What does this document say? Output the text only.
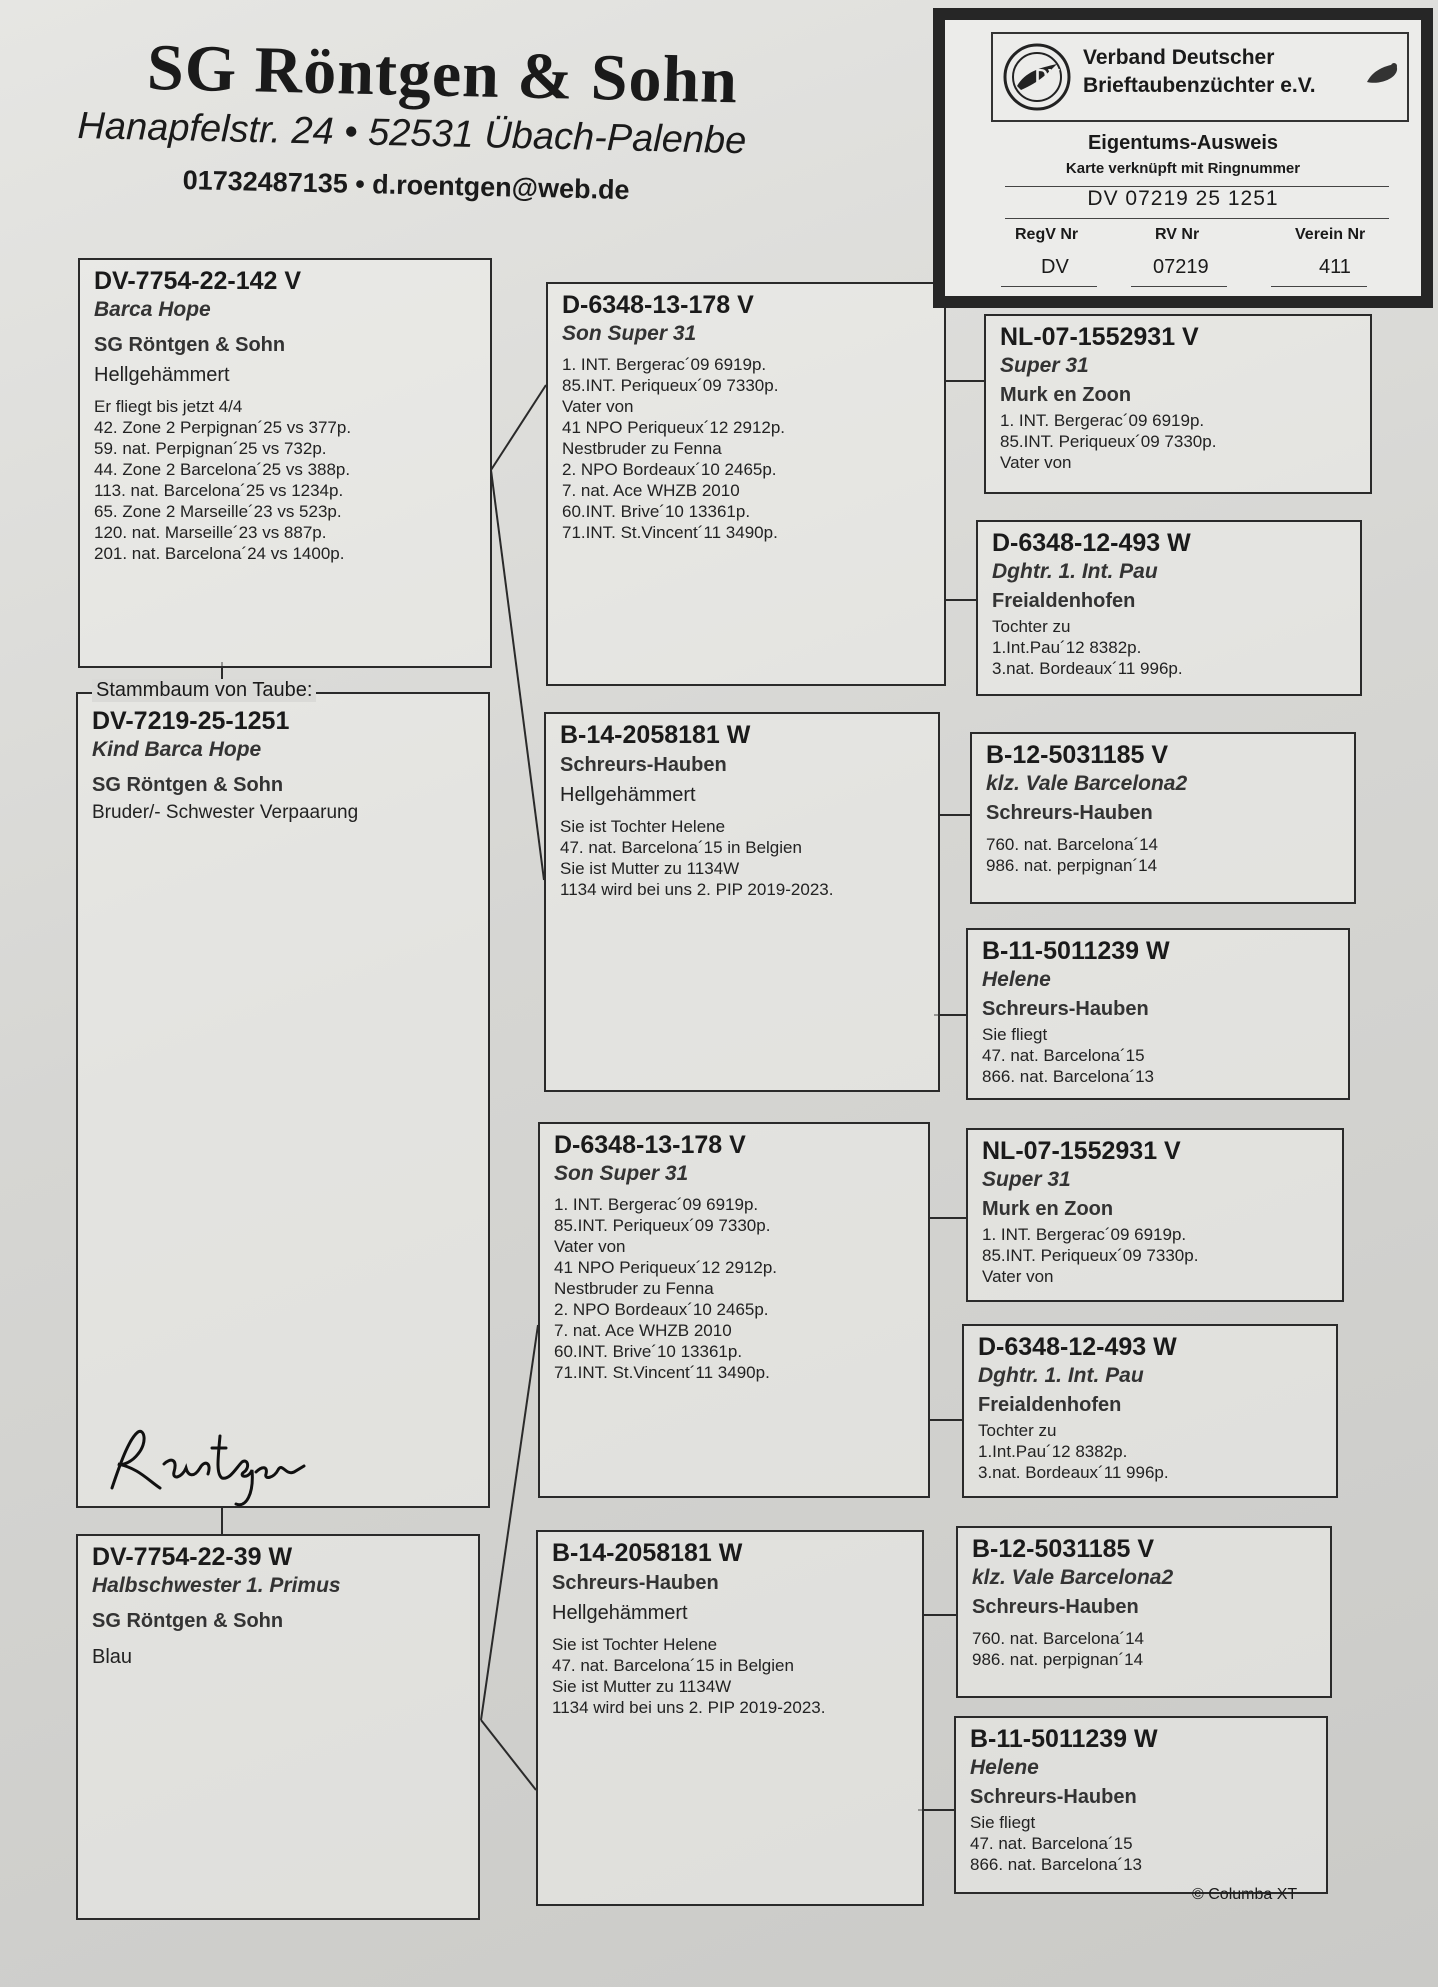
SG Röntgen & Sohn
Hanapfelstr. 24 • 52531 Übach-Palenbe
01732487135 • d.roentgen@web.de
DV-7754-22-142 V
Barca Hope
SG Röntgen & Sohn
Hellgehämmert
Er fliegt bis jetzt 4/4
42. Zone 2 Perpignan´25 vs 377p.
59. nat. Perpignan´25 vs 732p.
44. Zone 2 Barcelona´25 vs 388p.
113. nat. Barcelona´25 vs 1234p.
65. Zone 2 Marseille´23 vs 523p.
120. nat. Marseille´23 vs 887p.
201. nat. Barcelona´24 vs 1400p.
DV-7219-25-1251
Kind Barca Hope
SG Röntgen & Sohn
Bruder/- Schwester Verpaarung
Stammbaum von Taube:
DV-7754-22-39 W
Halbschwester 1. Primus
SG Röntgen & Sohn
Blau
D-6348-13-178 V
Son Super 31
1. INT. Bergerac´09 6919p.
85.INT. Periqueux´09 7330p.
Vater von
41 NPO Periqueux´12 2912p.
Nestbruder zu Fenna
2. NPO Bordeaux´10 2465p.
7. nat. Ace WHZB 2010
60.INT. Brive´10 13361p.
71.INT. St.Vincent´11 3490p.
B-14-2058181 W
Schreurs-Hauben
Hellgehämmert
Sie ist Tochter Helene
47. nat. Barcelona´15 in Belgien
Sie ist Mutter zu 1134W
1134 wird bei uns 2. PIP 2019-2023.
D-6348-13-178 V
Son Super 31
1. INT. Bergerac´09 6919p.
85.INT. Periqueux´09 7330p.
Vater von
41 NPO Periqueux´12 2912p.
Nestbruder zu Fenna
2. NPO Bordeaux´10 2465p.
7. nat. Ace WHZB 2010
60.INT. Brive´10 13361p.
71.INT. St.Vincent´11 3490p.
B-14-2058181 W
Schreurs-Hauben
Hellgehämmert
Sie ist Tochter Helene
47. nat. Barcelona´15 in Belgien
Sie ist Mutter zu 1134W
1134 wird bei uns 2. PIP 2019-2023.
NL-07-1552931 V
Super 31
Murk en Zoon
1. INT. Bergerac´09 6919p.
85.INT. Periqueux´09 7330p.
Vater von
D-6348-12-493 W
Dghtr. 1. Int. Pau
Freialdenhofen
Tochter zu
1.Int.Pau´12 8382p.
3.nat. Bordeaux´11 996p.
B-12-5031185 V
klz. Vale Barcelona2
Schreurs-Hauben
760. nat. Barcelona´14
986. nat. perpignan´14
B-11-5011239 W
Helene
Schreurs-Hauben
Sie fliegt
47. nat. Barcelona´15
866. nat. Barcelona´13
NL-07-1552931 V
Super 31
Murk en Zoon
1. INT. Bergerac´09 6919p.
85.INT. Periqueux´09 7330p.
Vater von
D-6348-12-493 W
Dghtr. 1. Int. Pau
Freialdenhofen
Tochter zu
1.Int.Pau´12 8382p.
3.nat. Bordeaux´11 996p.
B-12-5031185 V
klz. Vale Barcelona2
Schreurs-Hauben
760. nat. Barcelona´14
986. nat. perpignan´14
B-11-5011239 W
Helene
Schreurs-Hauben
Sie fliegt
47. nat. Barcelona´15
866. nat. Barcelona´13
© Columba XT
DV
Verband Deutscher
Brieftaubenzüchter e.V.
Eigentums-Ausweis
Karte verknüpft mit Ringnummer
DV 07219 25 1251
RegV Nr	RV Nr	Verein Nr
DV	07219	411
